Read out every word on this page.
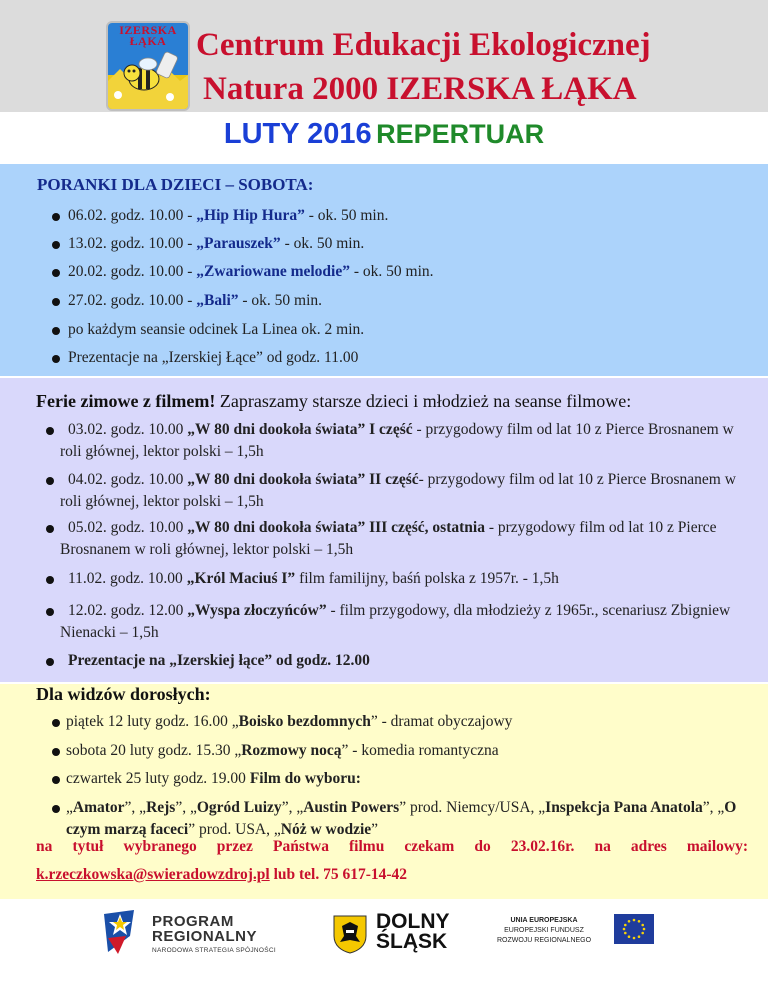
IZERSKA ŁĄKA Centrum Edukacji Ekologicznej
Natura 2000 IZERSKA ŁĄKA
LUTY 2016 REPERTUAR
PORANKI DLA DZIECI – SOBOTA:
06.02. godz. 10.00 - „Hip Hip Hura” - ok. 50 min.
13.02. godz. 10.00 - „Parauszek” - ok. 50 min.
20.02. godz. 10.00 - „Zwariowane melodie” - ok. 50 min.
27.02. godz. 10.00 - „Bali” - ok. 50 min.
po każdym seansie odcinek La Linea ok. 2 min.
Prezentacje na „Izerskiej Łące” od godz. 11.00
Ferie zimowe z filmem! Zapraszamy starsze dzieci i młodzież na seanse filmowe:
03.02. godz. 10.00 „W 80 dni dookoła świata” I część - przygodowy film od lat 10 z Pierce Brosnanem w roli głównej, lektor polski – 1,5h
04.02. godz. 10.00 „W 80 dni dookoła świata” II część- przygodowy film od lat 10 z Pierce Brosnanem w roli głównej, lektor polski – 1,5h
05.02. godz. 10.00 „W 80 dni dookoła świata” III część, ostatnia - przygodowy film od lat 10 z Pierce Brosnanem w roli głównej, lektor polski – 1,5h
11.02. godz. 10.00 „Król Maciuś I” film familijny, baśń polska z 1957r. - 1,5h
12.02. godz. 12.00 „Wyspa złoczyńców” - film przygodowy, dla młodzieży z 1965r., scenariusz Zbigniew Nienacki – 1,5h
Prezentacje na „Izerskiej łące” od godz. 12.00
Dla widzów dorosłych:
piątek 12 luty godz. 16.00 „Boisko bezdomnych” - dramat obyczajowy
sobota 20 luty godz. 15.30 „Rozmowy nocą” - komedia romantyczna
czwartek 25 luty godz. 19.00 Film do wyboru:
„Amator”, „Rejs”, „Ogród Luizy”, „Austin Powers” prod. Niemcy/USA, „Inspekcja Pana Anatola”, „O czym marzą faceci” prod. USA, „Nóż w wodzie”
na tytuł wybranego przez Państwa filmu czekam do 23.02.16r. na adres mailowy:
k.rzeczkowska@swieradowzdroj.pl lub tel. 75 617-14-42
PROGRAM
REGIONALNY
NARODOWA STRATEGIA SPÓJNOŚCI
DOLNY
ŚLĄSK
UNIA EUROPEJSKA
EUROPEJSKI FUNDUSZ
ROZWOJU REGIONALNEGO
